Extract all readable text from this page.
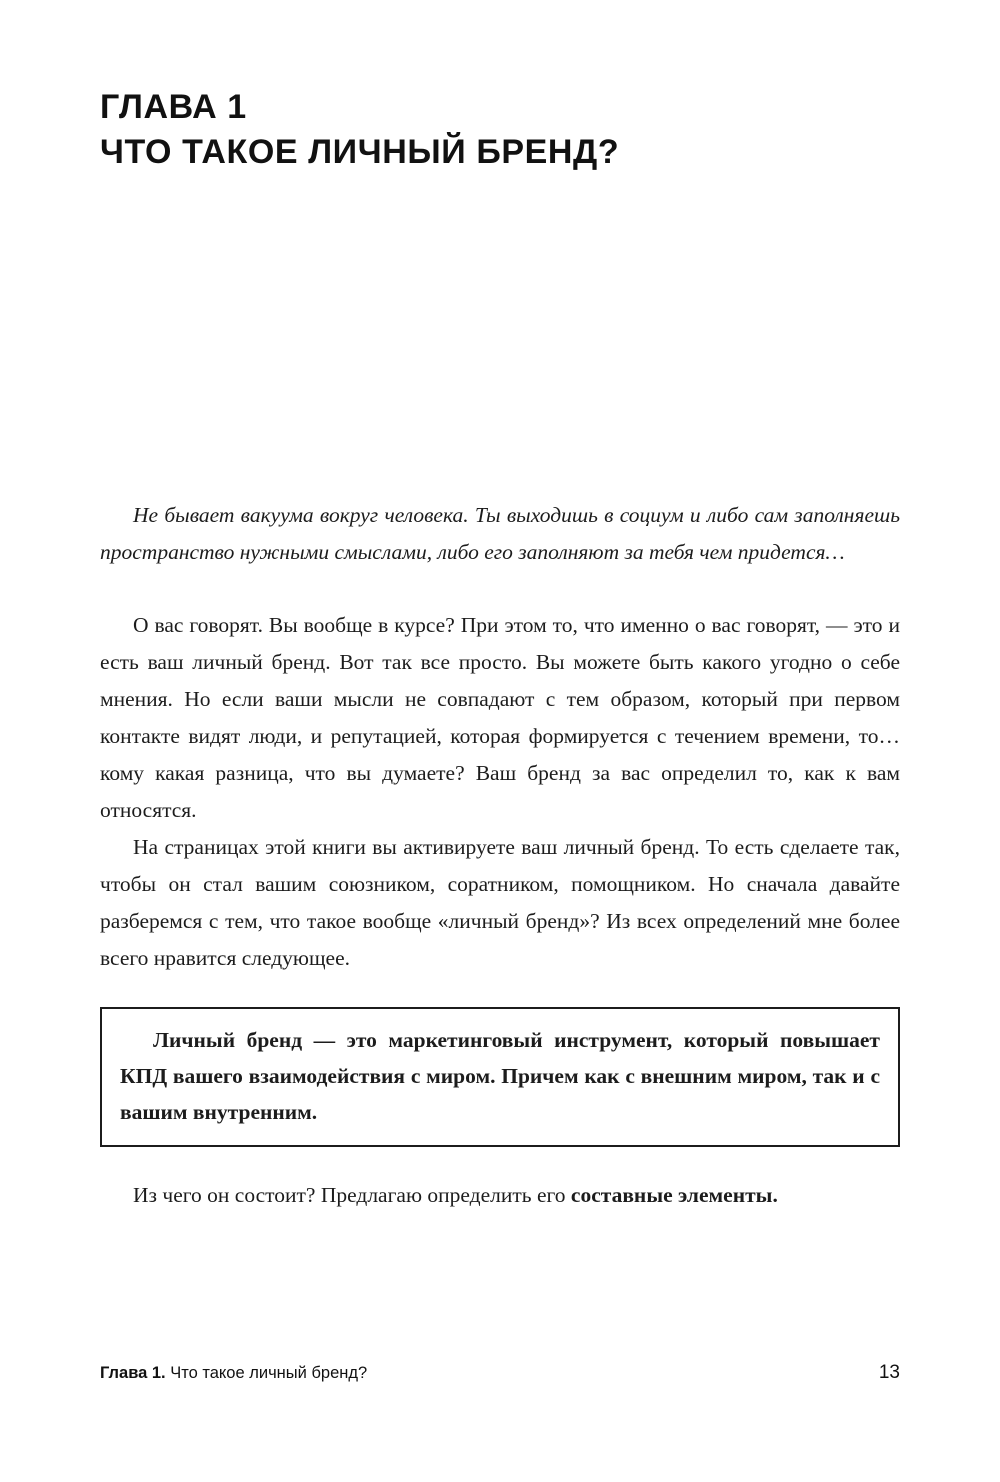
ГЛАВА 1
ЧТО ТАКОЕ ЛИЧНЫЙ БРЕНД?
Не бывает вакуума вокруг человека. Ты выходишь в социум и либо сам заполняешь пространство нужными смыслами, либо его заполняют за тебя чем придется…

О вас говорят. Вы вообще в курсе? При этом то, что именно о вас говорят, — это и есть ваш личный бренд. Вот так все просто. Вы можете быть какого угодно о себе мнения. Но если ваши мысли не совпадают с тем образом, который при первом контакте видят люди, и репутацией, которая формируется с течением времени, то… кому какая разница, что вы думаете? Ваш бренд за вас определил то, как к вам относятся.

На страницах этой книги вы активируете ваш личный бренд. То есть сделаете так, чтобы он стал вашим союзником, соратником, помощником. Но сначала давайте разберемся с тем, что такое вообще «личный бренд»? Из всех определений мне более всего нравится следующее.

Личный бренд — это маркетинговый инструмент, который повышает КПД вашего взаимодействия с миром. Причем как с внешним миром, так и с вашим внутренним.

Из чего он состоит? Предлагаю определить его составные элементы.

Глава 1. Что такое личный бренд?	13
